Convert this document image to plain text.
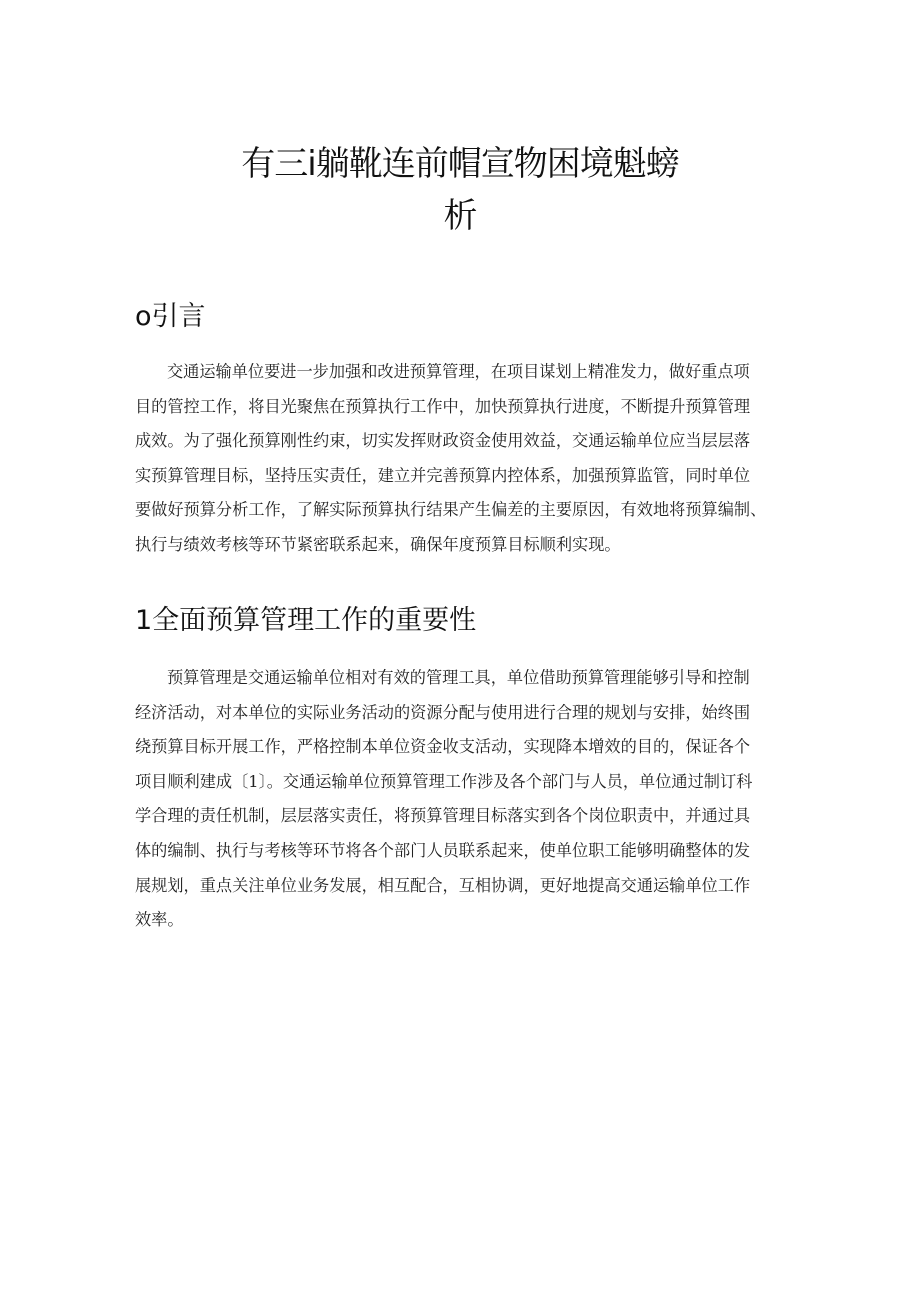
有三i躺靴连前帽宣物困境魁螃
析
o引言
交通运输单位要进一步加强和改进预算管理，在项目谋划上精准发力，做好重点项
目的管控工作，将目光聚焦在预算执行工作中，加快预算执行进度，不断提升预算管理
成效。为了强化预算刚性约束，切实发挥财政资金使用效益，交通运输单位应当层层落
实预算管理目标，坚持压实责任，建立并完善预算内控体系，加强预算监管，同时单位
要做好预算分析工作，了解实际预算执行结果产生偏差的主要原因，有效地将预算编制、
执行与绩效考核等环节紧密联系起来，确保年度预算目标顺利实现。
1全面预算管理工作的重要性
预算管理是交通运输单位相对有效的管理工具，单位借助预算管理能够引导和控制
经济活动，对本单位的实际业务活动的资源分配与使用进行合理的规划与安排，始终围
绕预算目标开展工作，严格控制本单位资金收支活动，实现降本增效的目的，保证各个
项目顺利建成〔1〕。交通运输单位预算管理工作涉及各个部门与人员，单位通过制订科
学合理的责任机制，层层落实责任，将预算管理目标落实到各个岗位职责中，并通过具
体的编制、执行与考核等环节将各个部门人员联系起来，使单位职工能够明确整体的发
展规划，重点关注单位业务发展，相互配合，互相协调，更好地提高交通运输单位工作
效率。
